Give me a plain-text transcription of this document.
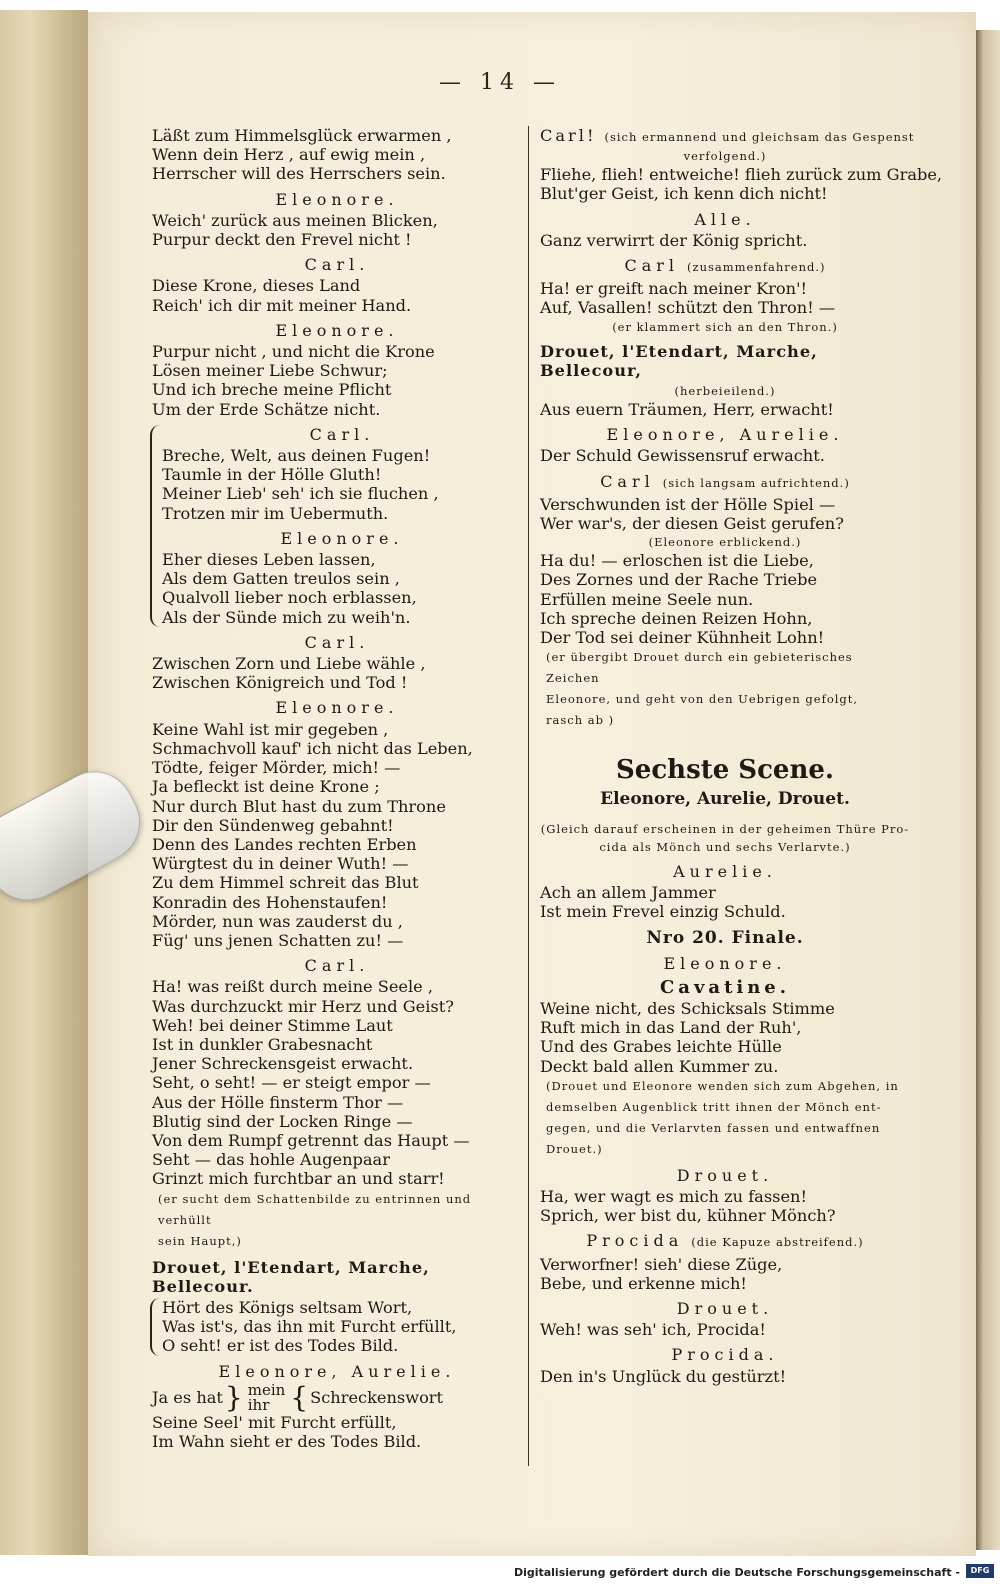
— 14 —
Läßt zum Himmelsglück erwarmen ,
Wenn dein Herz , auf ewig mein ,
Herrscher will des Herrschers sein.
Eleonore.
Weich' zurück aus meinen Blicken,
Purpur deckt den Frevel nicht !
Carl.
Diese Krone, dieses Land
Reich' ich dir mit meiner Hand.
Eleonore.
Purpur nicht , und nicht die Krone
Lösen meiner Liebe Schwur;
Und ich breche meine Pflicht
Um der Erde Schätze nicht.
Carl.
Breche, Welt, aus deinen Fugen!
Taumle in der Hölle Gluth!
Meiner Lieb' seh' ich sie fluchen ,
Trotzen mir im Uebermuth.
Eleonore.
Eher dieses Leben lassen,
Als dem Gatten treulos sein ,
Qualvoll lieber noch erblassen,
Als der Sünde mich zu weih'n.
Carl.
Zwischen Zorn und Liebe wähle ,
Zwischen Königreich und Tod !
Eleonore.
Keine Wahl ist mir gegeben ,
Schmachvoll kauf' ich nicht das Leben,
Tödte, feiger Mörder, mich! —
Ja befleckt ist deine Krone ;
Nur durch Blut hast du zum Throne
Dir den Sündenweg gebahnt!
Denn des Landes rechten Erben
Würgtest du in deiner Wuth! —
Zu dem Himmel schreit das Blut
Konradin des Hohenstaufen!
Mörder, nun was zauderst du ,
Füg' uns jenen Schatten zu! —
Carl.
Ha! was reißt durch meine Seele ,
Was durchzuckt mir Herz und Geist?
Weh! bei deiner Stimme Laut
Ist in dunkler Grabesnacht
Jener Schreckensgeist erwacht.
Seht, o seht! — er steigt empor —
Aus der Hölle finsterm Thor —
Blutig sind der Locken Ringe —
Von dem Rumpf getrennt das Haupt —
Seht — das hohle Augenpaar
Grinzt mich furchtbar an und starr!
(er sucht dem Schattenbilde zu entrinnen und verhüllt
sein Haupt,)
Drouet, l'Etendart, Marche, Bellecour.
Hört des Königs seltsam Wort,
Was ist's, das ihn mit Furcht erfüllt,
O seht! er ist des Todes Bild.
Eleonore, Aurelie.
Ja es hat } mein
ihr { Schreckenswort
Seine Seel' mit Furcht erfüllt,
Im Wahn sieht er des Todes Bild.
Carl! (sich ermannend und gleichsam das Gespenst
verfolgend.)
Fliehe, flieh! entweiche! flieh zurück zum Grabe,
Blut'ger Geist, ich kenn dich nicht!
Alle.
Ganz verwirrt der König spricht.
Carl (zusammenfahrend.)
Ha! er greift nach meiner Kron'!
Auf, Vasallen! schützt den Thron! —
(er klammert sich an den Thron.)
Drouet, l'Etendart, Marche, Bellecour,
(herbeieilend.)
Aus euern Träumen, Herr, erwacht!
Eleonore, Aurelie.
Der Schuld Gewissensruf erwacht.
Carl (sich langsam aufrichtend.)
Verschwunden ist der Hölle Spiel —
Wer war's, der diesen Geist gerufen?
(Eleonore erblickend.)
Ha du! — erloschen ist die Liebe,
Des Zornes und der Rache Triebe
Erfüllen meine Seele nun.
Ich spreche deinen Reizen Hohn,
Der Tod sei deiner Kühnheit Lohn!
(er übergibt Drouet durch ein gebieterisches Zeichen
Eleonore, und geht von den Uebrigen gefolgt,
rasch ab )
Sechste Scene.
Eleonore, Aurelie, Drouet.
(Gleich darauf erscheinen in der geheimen Thüre Pro-
cida als Mönch und sechs Verlarvte.)
Aurelie.
Ach an allem Jammer
Ist mein Frevel einzig Schuld.
Nro 20. Finale.
Eleonore.
Cavatine.
Weine nicht, des Schicksals Stimme
Ruft mich in das Land der Ruh',
Und des Grabes leichte Hülle
Deckt bald allen Kummer zu.
(Drouet und Eleonore wenden sich zum Abgehen, in
demselben Augenblick tritt ihnen der Mönch ent-
gegen, und die Verlarvten fassen und entwaffnen
Drouet.)
Drouet.
Ha, wer wagt es mich zu fassen!
Sprich, wer bist du, kühner Mönch?
Procida (die Kapuze abstreifend.)
Verworfner! sieh' diese Züge,
Bebe, und erkenne mich!
Drouet.
Weh! was seh' ich, Procida!
Procida.
Den in's Unglück du gestürzt!
Digitalisierung gefördert durch die Deutsche Forschungsgemeinschaft -	DFG
